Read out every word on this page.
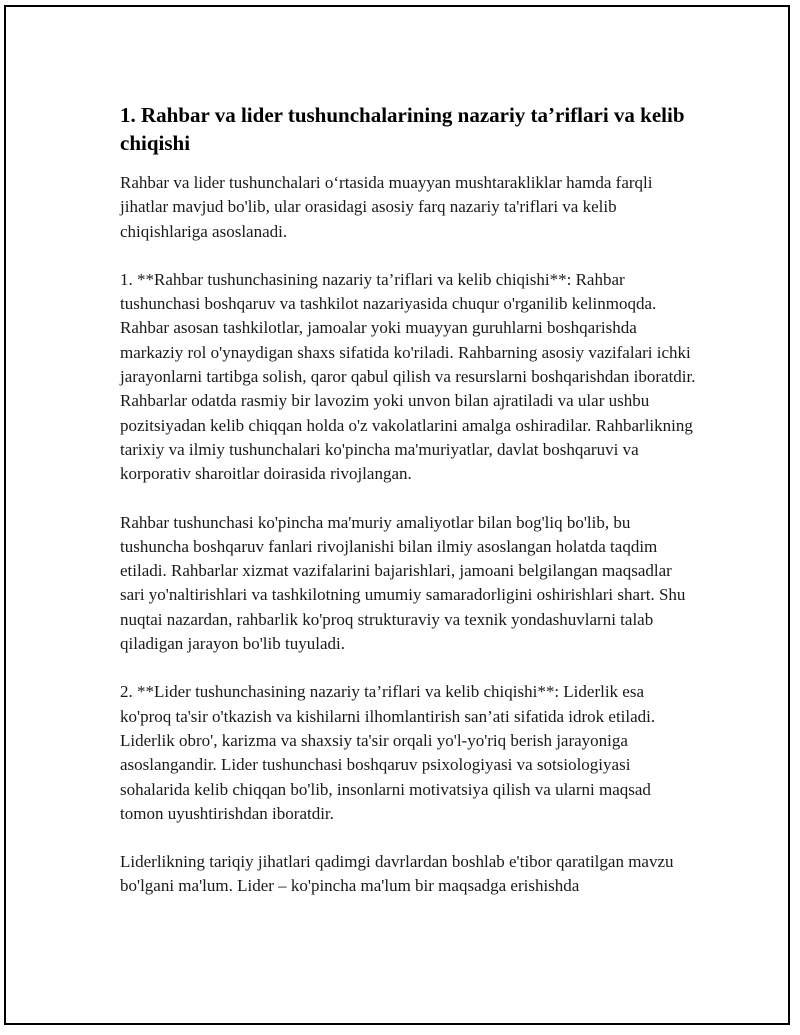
1. Rahbar va lider tushunchalarining nazariy ta’riflari va kelib chiqishi

Rahbar va lider tushunchalari o‘rtasida muayyan mushtarakliklar hamda farqli jihatlar mavjud bo'lib, ular orasidagi asosiy farq nazariy ta'riflari va kelib chiqishlariga asoslanadi.

1. **Rahbar tushunchasining nazariy ta’riflari va kelib chiqishi**: Rahbar tushunchasi boshqaruv va tashkilot nazariyasida chuqur o'rganilib kelinmoqda. Rahbar asosan tashkilotlar, jamoalar yoki muayyan guruhlarni boshqarishda markaziy rol o'ynaydigan shaxs sifatida ko'riladi. Rahbarning asosiy vazifalari ichki jarayonlarni tartibga solish, qaror qabul qilish va resurslarni boshqarishdan iboratdir. Rahbarlar odatda rasmiy bir lavozim yoki unvon bilan ajratiladi va ular ushbu pozitsiyadan kelib chiqqan holda o'z vakolatlarini amalga oshiradilar. Rahbarlikning tarixiy va ilmiy tushunchalari ko'pincha ma'muriyatlar, davlat boshqaruvi va korporativ sharoitlar doirasida rivojlangan.

Rahbar tushunchasi ko'pincha ma'muriy amaliyotlar bilan bog'liq bo'lib, bu tushuncha boshqaruv fanlari rivojlanishi bilan ilmiy asoslangan holatda taqdim etiladi. Rahbarlar xizmat vazifalarini bajarishlari, jamoani belgilangan maqsadlar sari yo'naltirishlari va tashkilotning umumiy samaradorligini oshirishlari shart. Shu nuqtai nazardan, rahbarlik ko'proq strukturaviy va texnik yondashuvlarni talab qiladigan jarayon bo'lib tuyuladi.

2. **Lider tushunchasining nazariy ta’riflari va kelib chiqishi**: Liderlik esa ko'proq ta'sir o'tkazish va kishilarni ilhomlantirish san’ati sifatida idrok etiladi. Liderlik obro', karizma va shaxsiy ta'sir orqali yo'l-yo'riq berish jarayoniga asoslangandir. Lider tushunchasi boshqaruv psixologiyasi va sotsiologiyasi sohalarida kelib chiqqan bo'lib, insonlarni motivatsiya qilish va ularni maqsad tomon uyushtirishdan iboratdir.

Liderlikning tariqiy jihatlari qadimgi davrlardan boshlab e'tibor qaratilgan mavzu bo'lgani ma'lum. Lider – ko'pincha ma'lum bir maqsadga erishishda
